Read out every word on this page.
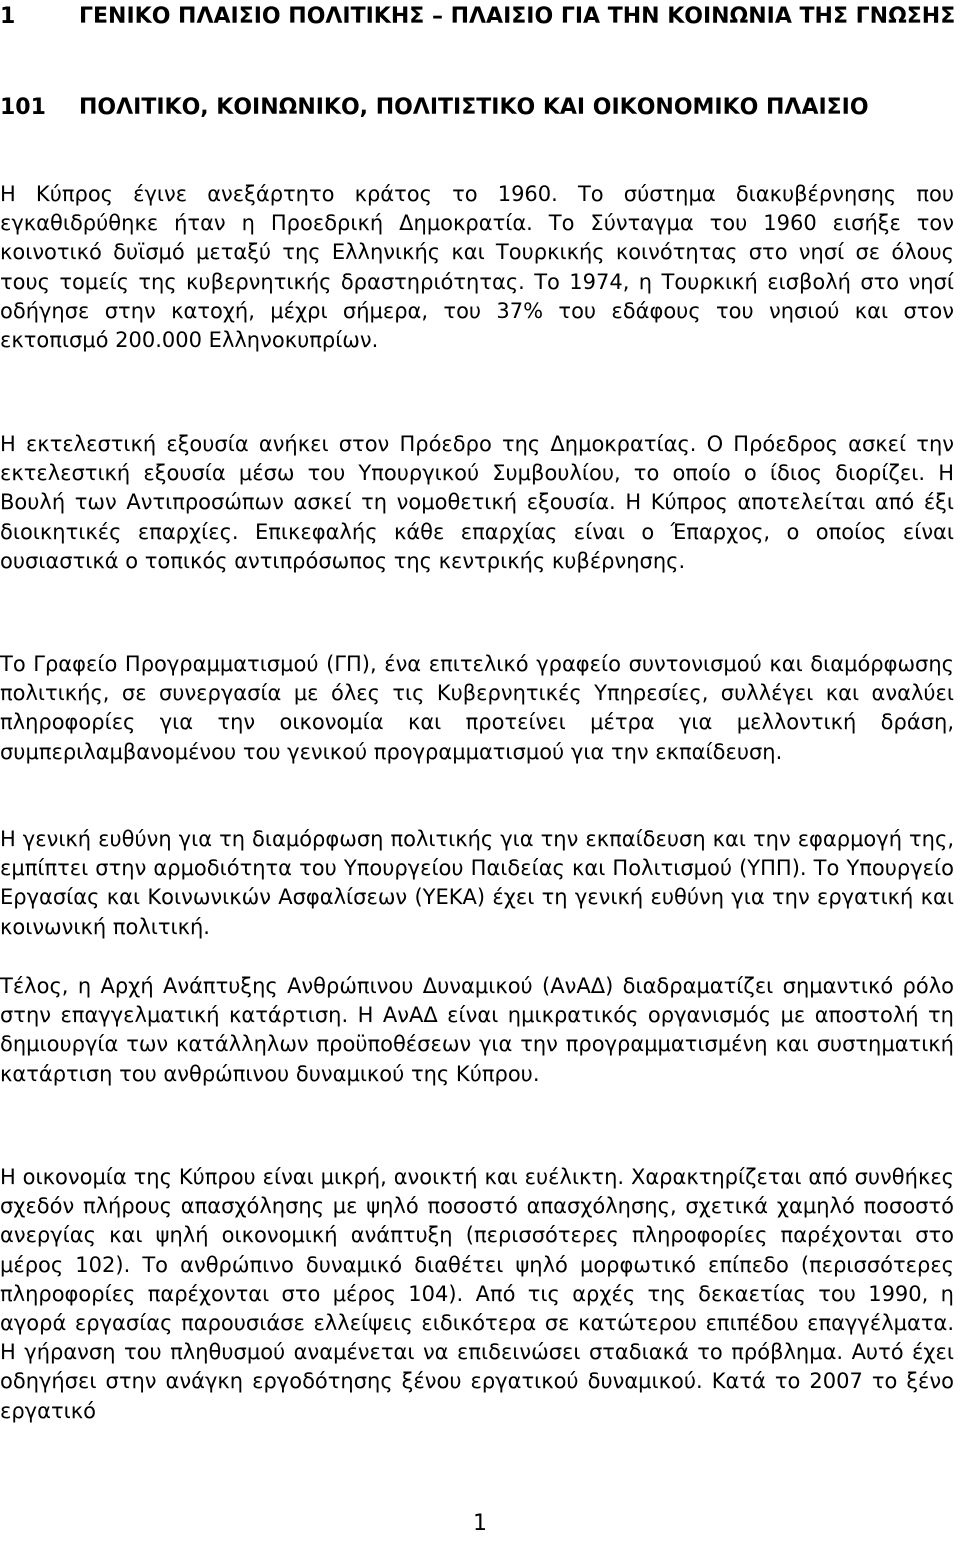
1	ΓΕΝΙΚΟ ΠΛΑΙΣΙΟ ΠΟΛΙΤΙΚΗΣ – ΠΛΑΙΣΙΟ ΓΙΑ ΤΗΝ ΚΟΙΝΩΝΙΑ ΤΗΣ ΓΝΩΣΗΣ
101	ΠΟΛΙΤΙΚΟ, ΚΟΙΝΩΝΙΚΟ, ΠΟΛΙΤΙΣΤΙΚΟ ΚΑΙ ΟΙΚΟΝΟΜΙΚΟ ΠΛΑΙΣΙΟ

Η Κύπρος έγινε ανεξάρτητο κράτος το 1960. Το σύστημα διακυβέρνησης που εγκαθιδρύθηκε ήταν η Προεδρική Δημοκρατία. Το Σύνταγμα του 1960 εισήξε τον κοινοτικό δυϊσμό μεταξύ της Ελληνικής και Τουρκικής κοινότητας στο νησί σε όλους τους τομείς της κυβερνητικής δραστηριότητας. Το 1974, η Τουρκική εισβολή στο νησί οδήγησε στην κατοχή, μέχρι σήμερα, του 37% του εδάφους του νησιού και στον εκτοπισμό 200.000 Ελληνοκυπρίων.

Η εκτελεστική εξουσία ανήκει στον Πρόεδρο της Δημοκρατίας. Ο Πρόεδρος ασκεί την εκτελεστική εξουσία μέσω του Υπουργικού Συμβουλίου, το οποίο ο ίδιος διορίζει. Η Βουλή των Αντιπροσώπων ασκεί τη νομοθετική εξουσία. Η Κύπρος αποτελείται από έξι διοικητικές επαρχίες. Επικεφαλής κάθε επαρχίας είναι ο Έπαρχος, ο οποίος είναι ουσιαστικά ο τοπικός αντιπρόσωπος της κεντρικής κυβέρνησης.

Το Γραφείο Προγραμματισμού (ΓΠ), ένα επιτελικό γραφείο συντονισμού και διαμόρφωσης πολιτικής, σε συνεργασία με όλες τις Κυβερνητικές Υπηρεσίες, συλλέγει και αναλύει πληροφορίες για την οικονομία και προτείνει μέτρα για μελλοντική δράση, συμπεριλαμβανομένου του γενικού προγραμματισμού για την εκπαίδευση.

Η γενική ευθύνη για τη διαμόρφωση πολιτικής για την εκπαίδευση και την εφαρμογή της, εμπίπτει στην αρμοδιότητα του Υπουργείου Παιδείας και Πολιτισμού (ΥΠΠ). Το Υπουργείο Εργασίας και Κοινωνικών Ασφαλίσεων (ΥΕΚΑ) έχει τη γενική ευθύνη για την εργατική και κοινωνική πολιτική.

Τέλος, η Αρχή Ανάπτυξης Ανθρώπινου Δυναμικού (ΑνΑΔ) διαδραματίζει σημαντικό ρόλο στην επαγγελματική κατάρτιση. Η ΑνΑΔ είναι ημικρατικός οργανισμός με αποστολή τη δημιουργία των κατάλληλων προϋποθέσεων για την προγραμματισμένη και συστηματική κατάρτιση του ανθρώπινου δυναμικού της Κύπρου.

Η οικονομία της Κύπρου είναι μικρή, ανοικτή και ευέλικτη. Χαρακτηρίζεται από συνθήκες σχεδόν πλήρους απασχόλησης με ψηλό ποσοστό απασχόλησης, σχετικά χαμηλό ποσοστό ανεργίας και ψηλή οικονομική ανάπτυξη (περισσότερες πληροφορίες παρέχονται στο μέρος 102). Το ανθρώπινο δυναμικό διαθέτει ψηλό μορφωτικό επίπεδο (περισσότερες πληροφορίες παρέχονται στο μέρος 104). Από τις αρχές της δεκαετίας του 1990, η αγορά εργασίας παρουσιάσε ελλείψεις ειδικότερα σε κατώτερου επιπέδου επαγγέλματα. Η γήρανση του πληθυσμού αναμένεται να επιδεινώσει σταδιακά το πρόβλημα. Αυτό έχει οδηγήσει στην ανάγκη εργοδότησης ξένου εργατικού δυναμικού. Κατά το 2007 το ξένο εργατικό

1
